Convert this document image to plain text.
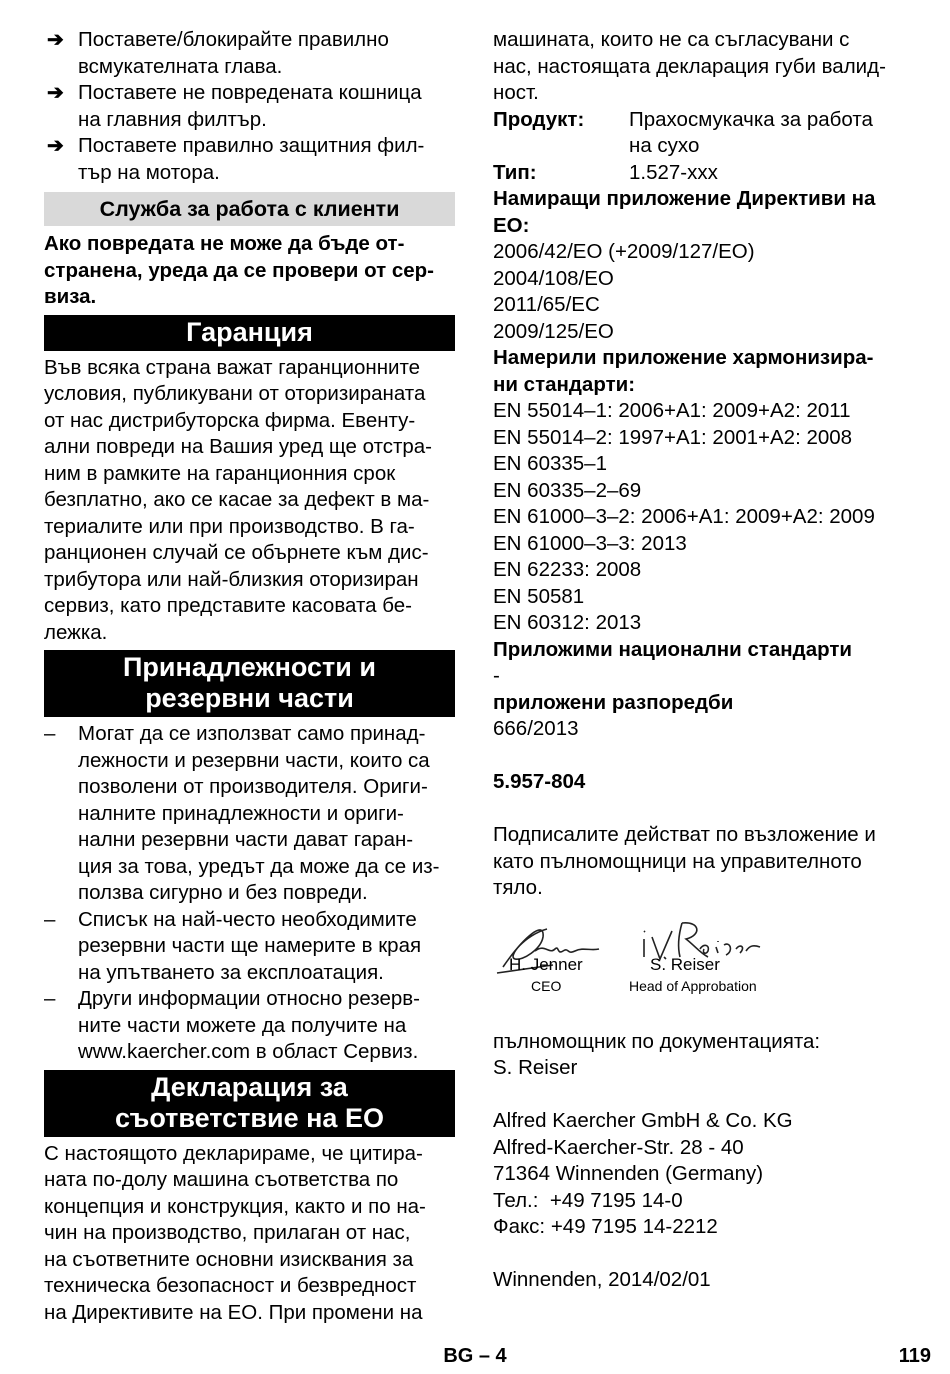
➔ Поставете/блокирайте правилно

всмукателната глава.

➔ Поставете не повредената кошница

на главния филтър.

➔ Поставете правилно защитния фил-

тър на мотора.

Служба за работа с клиенти

Ако повредата не може да бъде от-

странена, уреда да се провери от сер-

виза.

Гаранция

Във всяка страна важат гаранционните

условия, публикувани от оторизираната

от нас дистрибуторска фирма. Евенту-

ални повреди на Вашия уред ще отстра-

ним в рамките на гаранционния срок

безплатно, ако се касае за дефект в ма-

териалите или при производство. В га-

ранционен случай се обърнете към дис-

трибутора или най-близкия оторизиран

сервиз, като представите касовата бе-

лежка.

Принадлежности и
резервни части
– Могат да се използват само принад-

лежности и резервни части, които са

позволени от производителя. Ориги-

налните принадлежности и ориги-

нални резервни части дават гаран-

ция за това, уредът да може да се из-

ползва сигурно и без повреди.

– Списък на най-често необходимите

резервни части ще намерите в края

на упътването за експлоатация.

– Други информации относно резерв-

ните части можете да получите на

www.kaercher.com в област Сервиз.

Декларация за
съответствие на ЕО

С настоящото декларираме, че цитира-

ната по-долу машина съответства по

концепция и конструкция, както и по на-

чин на производство, прилаган от нас,

на съответните основни изисквания за

техническа безопасност и безвредност

на Директивите на ЕО. При промени на

машината, които не са съгласувани с

нас, настоящата декларация губи валид-

ност.

Продукт:	Прахосмукачка за работа

на сухо

Тип:	1.527-xxx

Намиращи приложение Директиви на

ЕО:

2006/42/ЕО (+2009/127/ЕО)

2004/108/ЕО

2011/65/ЕС

2009/125/ЕО

Намерили приложение хармонизира-

ни стандарти:

EN 55014–1: 2006+A1: 2009+A2: 2011

EN 55014–2: 1997+A1: 2001+A2: 2008

EN 60335–1

EN 60335–2–69

EN 61000–3–2: 2006+A1: 2009+A2: 2009

EN 61000–3–3: 2013

EN 62233: 2008

EN 50581

EN 60312: 2013

Приложими национални стандарти

-

приложени разпоредби

666/2013

5.957-804

Подписалите действат по възложение и

като пълномощници на управителното

тяло.

H. Jenner
CEO
S. Reiser
Head of Approbation

пълномощник по документацията:

S. Reiser

Alfred Kaercher GmbH & Co. KG

Alfred-Kaercher-Str. 28 - 40

71364 Winnenden (Germany)

Тел.:  +49 7195 14-0

Факс: +49 7195 14-2212

Winnenden, 2014/02/01

BG – 4	119
